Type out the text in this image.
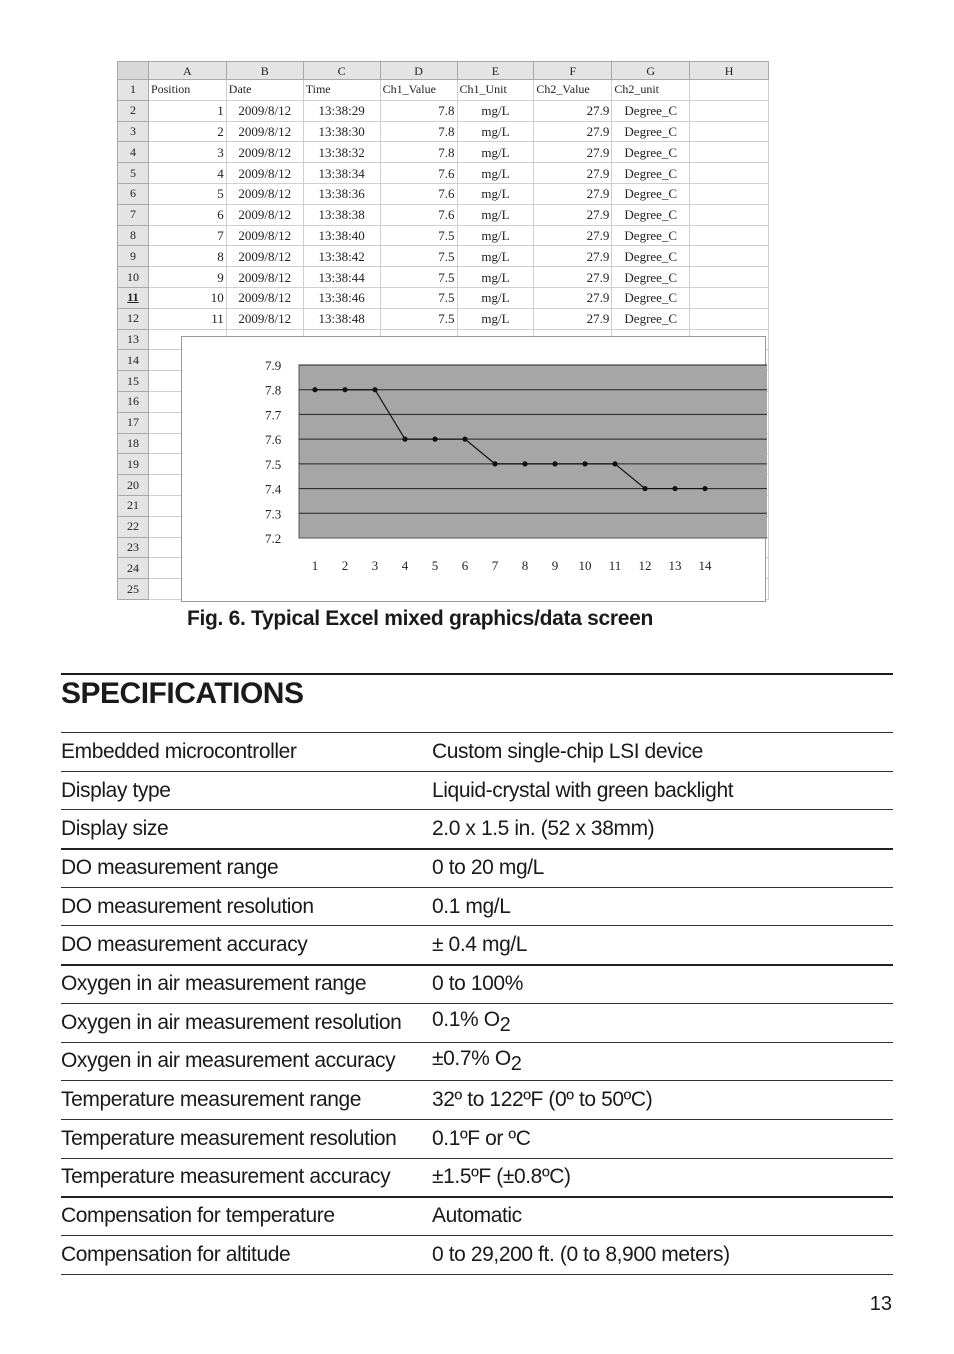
	A	B	C	D	E	F	G	H
1	Position	Date	Time	Ch1_Value	Ch1_Unit	Ch2_Value	Ch2_unit	
2	1	2009/8/12	13:38:29	7.8	mg/L	27.9	Degree_C	
3	2	2009/8/12	13:38:30	7.8	mg/L	27.9	Degree_C	
4	3	2009/8/12	13:38:32	7.8	mg/L	27.9	Degree_C	
5	4	2009/8/12	13:38:34	7.6	mg/L	27.9	Degree_C	
6	5	2009/8/12	13:38:36	7.6	mg/L	27.9	Degree_C	
7	6	2009/8/12	13:38:38	7.6	mg/L	27.9	Degree_C	
8	7	2009/8/12	13:38:40	7.5	mg/L	27.9	Degree_C	
9	8	2009/8/12	13:38:42	7.5	mg/L	27.9	Degree_C	
10	9	2009/8/12	13:38:44	7.5	mg/L	27.9	Degree_C	
11	10	2009/8/12	13:38:46	7.5	mg/L	27.9	Degree_C	
12	11	2009/8/12	13:38:48	7.5	mg/L	27.9	Degree_C	
13								
14								
15								
16								
17								
18								
19								
20								
21								
22								
23								
24								
25								
7.9
7.8
7.7
7.6
7.5
7.4
7.3
7.2
1 2 3 4 5 6 7 8 9 10 11 12 13 14
Fig. 6. Typical Excel mixed graphics/data screen
SPECIFICATIONS
Embedded microcontroller	Custom single-chip LSI device
Display type	Liquid-crystal with green backlight
Display size	2.0 x 1.5 in. (52 x 38mm)
DO measurement range	0 to 20 mg/L
DO measurement resolution	0.1 mg/L
DO measurement accuracy	± 0.4 mg/L
Oxygen in air measurement range	0 to 100%
Oxygen in air measurement resolution	0.1% $O_2$
Oxygen in air measurement accuracy	±0.7% $O_2$
Temperature measurement range	32º to 122ºF (0º to 50ºC)
Temperature measurement resolution	0.1ºF or ºC
Temperature measurement accuracy	±1.5ºF (±0.8ºC)
Compensation for temperature	Automatic
Compensation for altitude	0 to 29,200 ft. (0 to 8,900 meters)
13
